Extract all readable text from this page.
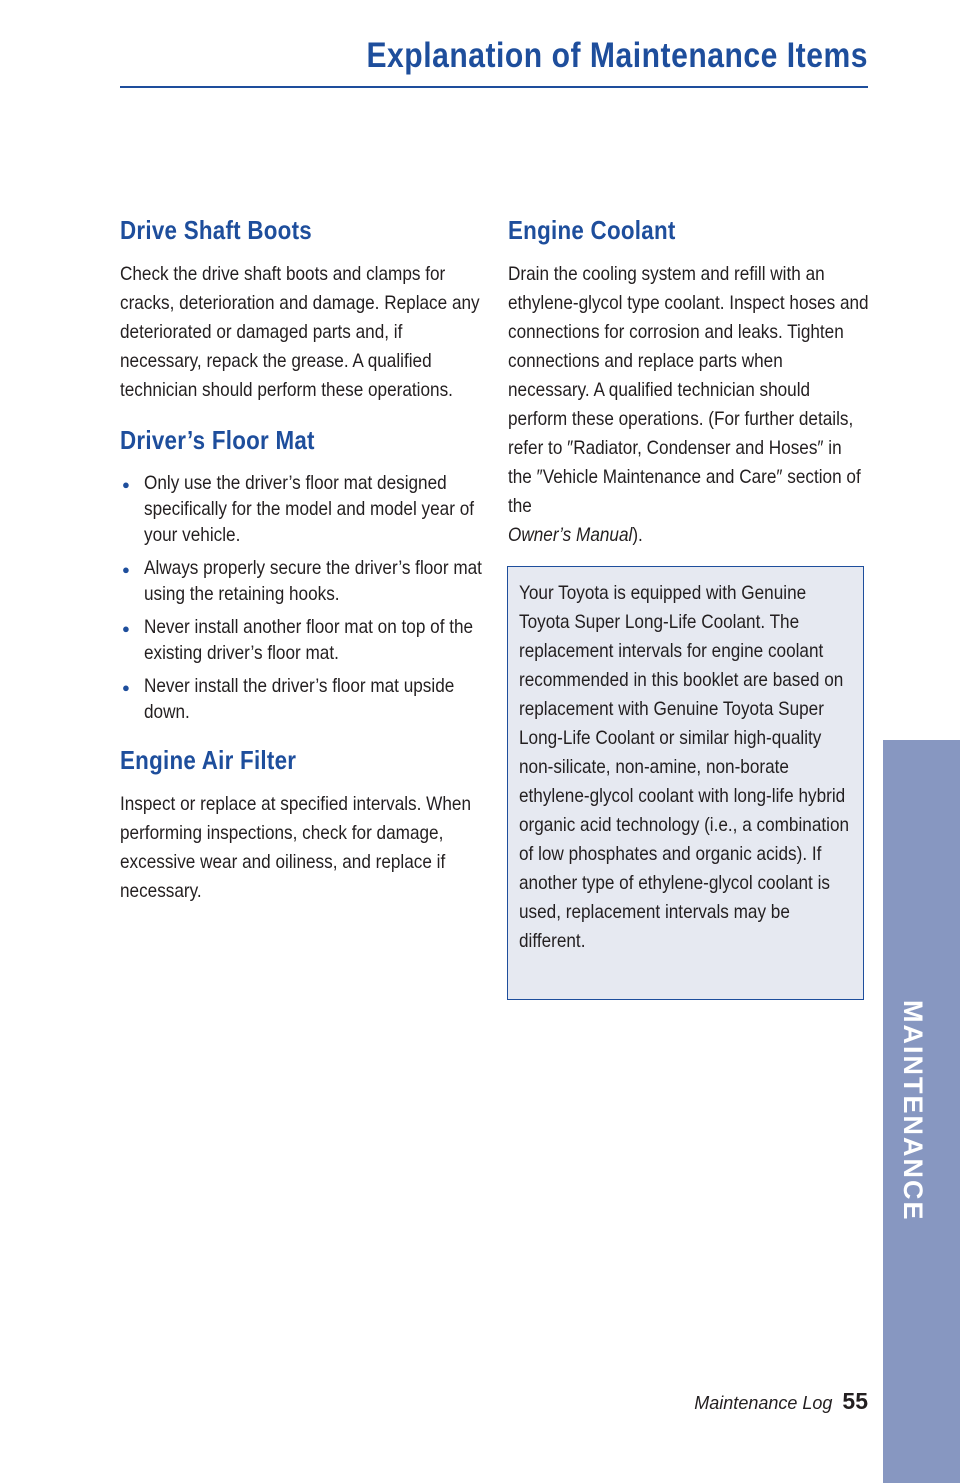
Explanation of Maintenance Items
Drive Shaft Boots

Check the drive shaft boots and clamps for cracks, deterioration and damage. Replace any deteriorated or damaged parts and, if necessary, repack the grease. A qualified technician should perform these operations.

Driver’s Floor Mat
● Only use the driver’s floor mat designed specifically for the model and model year of your vehicle.
● Always properly secure the driver’s floor mat using the retaining hooks.
● Never install another floor mat on top of the existing driver’s floor mat.
● Never install the driver’s floor mat upside down.
Engine Air Filter

Inspect or replace at specified intervals. When performing inspections, check for damage, excessive wear and oiliness, and replace if necessary.

Engine Coolant

Drain the cooling system and refill with an ethylene-glycol type coolant. Inspect hoses and connections for corrosion and leaks. Tighten connections and replace parts when necessary. A qualified technician should perform these operations. (For further details, refer to ″Radiator, Condenser and Hoses″ in the ″Vehicle Maintenance and Care″ section of the
Owner’s Manual).

Your Toyota is equipped with Genuine Toyota Super Long-Life Coolant. The replacement intervals for engine coolant recommended in this booklet are based on replacement with Genuine Toyota Super Long-Life Coolant or similar high-quality non-silicate, non-amine, non-borate ethylene-glycol coolant with long-life hybrid organic acid technology (i.e., a combination of low phosphates and organic acids). If another type of ethylene-glycol coolant is used, replacement intervals may be different.

MAINTENANCE
Maintenance Log 55
